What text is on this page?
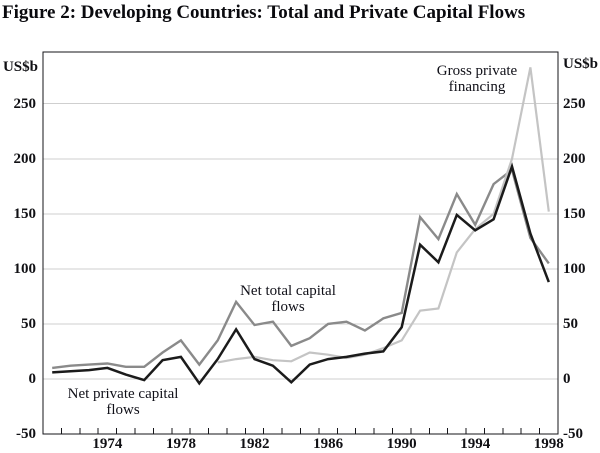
Figure 2: Developing Countries: Total and Private Capital Flows
US$b	US$b
-50
0
50
100
150
200
250
-50
0
50
100
150
200
250
1974	1978	1982	1986	1990	1994	1998
Gross private
financing
Net total capital
flows
Net private capital
flows
